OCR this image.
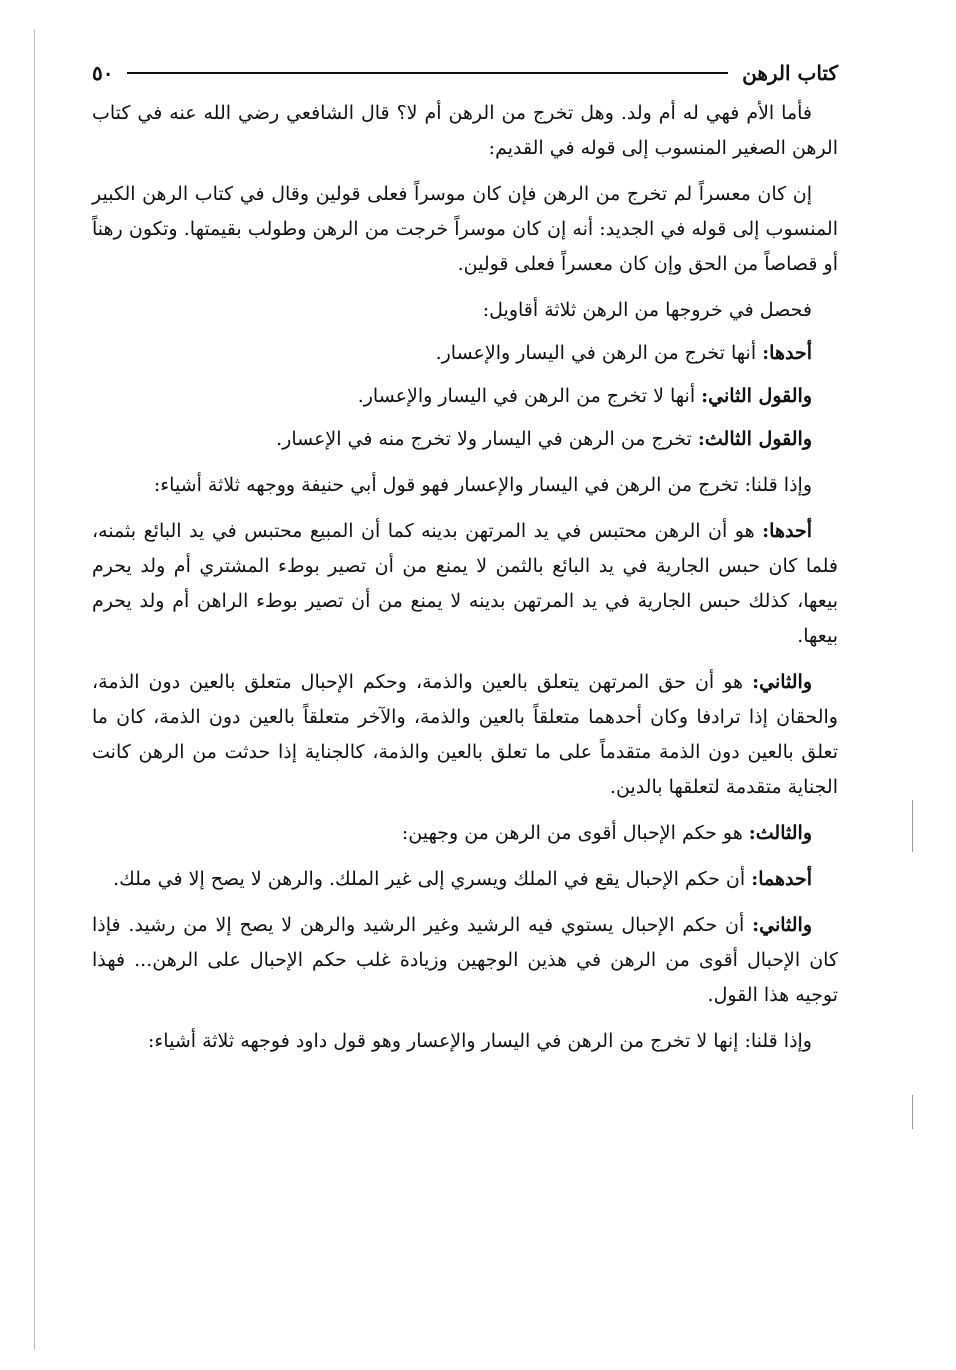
كتاب الرهن
٥٠

فأما الأم فهي له أم ولد. وهل تخرج من الرهن أم لا؟ قال الشافعي رضي الله عنه في كتاب الرهن الصغير المنسوب إلى قوله في القديم:

إن كان معسراً لم تخرج من الرهن فإن كان موسراً فعلى قولين وقال في كتاب الرهن الكبير المنسوب إلى قوله في الجديد: أنه إن كان موسراً خرجت من الرهن وطولب بقيمتها. وتكون رهناً أو قصاصاً من الحق وإن كان معسراً فعلى قولين.

فحصل في خروجها من الرهن ثلاثة أقاويل:

أحدها: أنها تخرج من الرهن في اليسار والإعسار.

والقول الثاني: أنها لا تخرج من الرهن في اليسار والإعسار.

والقول الثالث: تخرج من الرهن في اليسار ولا تخرج منه في الإعسار.

وإذا قلنا: تخرج من الرهن في اليسار والإعسار فهو قول أبي حنيفة ووجهه ثلاثة أشياء:

أحدها: هو أن الرهن محتبس في يد المرتهن بدينه كما أن المبيع محتبس في يد البائع بثمنه، فلما كان حبس الجارية في يد البائع بالثمن لا يمنع من أن تصير بوطء المشتري أم ولد يحرم بيعها، كذلك حبس الجارية في يد المرتهن بدينه لا يمنع من أن تصير بوطء الراهن أم ولد يحرم بيعها.

والثاني: هو أن حق المرتهن يتعلق بالعين والذمة، وحكم الإحبال متعلق بالعين دون الذمة، والحقان إذا ترادفا وكان أحدهما متعلقاً بالعين والذمة، والآخر متعلقاً بالعين دون الذمة، كان ما تعلق بالعين دون الذمة متقدماً على ما تعلق بالعين والذمة، كالجناية إذا حدثت من الرهن كانت الجناية متقدمة لتعلقها بالدين.

والثالث: هو حكم الإحبال أقوى من الرهن من وجهين:

أحدهما: أن حكم الإحبال يقع في الملك ويسري إلى غير الملك. والرهن لا يصح إلا في ملك.

والثاني: أن حكم الإحبال يستوي فيه الرشيد وغير الرشيد والرهن لا يصح إلا من رشيد. فإذا كان الإحبال أقوى من الرهن في هذين الوجهين وزيادة غلب حكم الإحبال على الرهن... فهذا توجيه هذا القول.

وإذا قلنا: إنها لا تخرج من الرهن في اليسار والإعسار وهو قول داود فوجهه ثلاثة أشياء:
